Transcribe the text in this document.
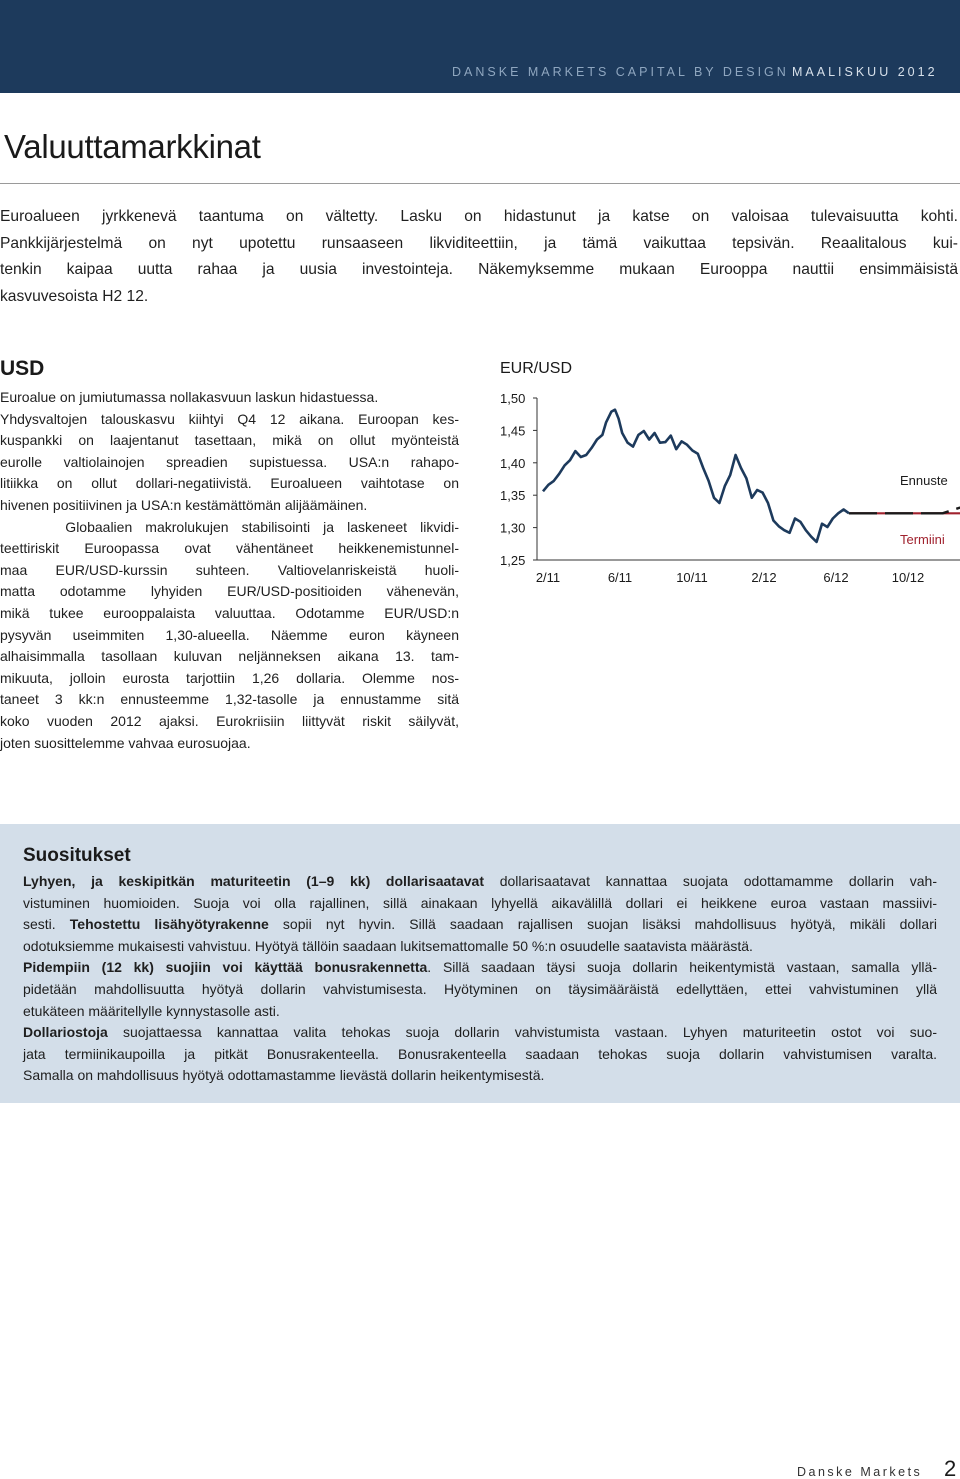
DANSKE MARKETS CAPITAL BY DESIGN MAALISKUU 2012
Valuuttamarkkinat
Euroalueen jyrkkenevä taantuma on vältetty. Lasku on hidastunut ja katse on valoisaa tulevaisuutta kohti.
Pankkijärjestelmä on nyt upotettu runsaaseen likviditeettiin, ja tämä vaikuttaa tepsivän. Reaalitalous kui-
tenkin kaipaa uutta rahaa ja uusia investointeja. Näkemyksemme mukaan Eurooppa nauttii ensimmäisistä
kasvuvesoista H2 12.
USD
Euroalue on jumiutumassa nollakasvuun laskun hidastuessa.
Yhdysvaltojen talouskasvu kiihtyi Q4 12 aikana. Euroopan kes-
kuspankki on laajentanut tasettaan, mikä on ollut myönteistä
eurolle valtiolainojen spreadien supistuessa. USA:n rahapo-
litiikka on ollut dollari-negatiivistä. Euroalueen vaihtotase on
hivenen positiivinen ja USA:n kestämättömän alijäämäinen.
Globaalien makrolukujen stabilisointi ja laskeneet likvidi-
teettiriskit Euroopassa ovat vähentäneet heikkenemistunnel-
maa EUR/USD-kurssin suhteen. Valtiovelanriskeistä huoli-
matta odotamme lyhyiden EUR/USD-positioiden vähenevän,
mikä tukee eurooppalaista valuuttaa. Odotamme EUR/USD:n
pysyvän useimmiten 1,30-alueella. Näemme euron käyneen
alhaisimmalla tasollaan kuluvan neljänneksen aikana 13. tam-
mikuuta, jolloin eurosta tarjottiin 1,26 dollaria. Olemme nos-
taneet 3 kk:n ennusteemme 1,32-tasolle ja ennustamme sitä
koko vuoden 2012 ajaksi. Eurokriisiin liittyvät riskit säilyvät,
joten suosittelemme vahvaa eurosuojaa.
EUR/USD
1,50
1,45
1,40
1,35
1,30
1,25
2/11	6/11	10/11	2/12	6/12	10/12
Ennuste
Termiini
Suositukset
Lyhyen, ja keskipitkän maturiteetin (1–9 kk) dollarisaatavat dollarisaatavat kannattaa suojata odottamamme dollarin vah-
vistuminen huomioiden. Suoja voi olla rajallinen, sillä ainakaan lyhyellä aikavälillä dollari ei heikkene euroa vastaan massiivi-
sesti. Tehostettu lisähyötyrakenne sopii nyt hyvin. Sillä saadaan rajallisen suojan lisäksi mahdollisuus hyötyä, mikäli dollari
odotuksiemme mukaisesti vahvistuu. Hyötyä tällöin saadaan lukitsemattomalle 50 %:n osuudelle saatavista määrästä.
Pidempiin (12 kk) suojiin voi käyttää bonusrakennetta. Sillä saadaan täysi suoja dollarin heikentymistä vastaan, samalla yllä-
pidetään mahdollisuutta hyötyä dollarin vahvistumisesta. Hyötyminen on täysimääräistä edellyttäen, ettei vahvistuminen yllä
etukäteen määritellylle kynnystasolle asti.
Dollariostoja suojattaessa kannattaa valita tehokas suoja dollarin vahvistumista vastaan. Lyhyen maturiteetin ostot voi suo-
jata termiinikaupoilla ja pitkät Bonusrakenteella. Bonusrakenteella saadaan tehokas suoja dollarin vahvistumisen varalta.
Samalla on mahdollisuus hyötyä odottamastamme lievästä dollarin heikentymisestä.
Danske Markets 2
